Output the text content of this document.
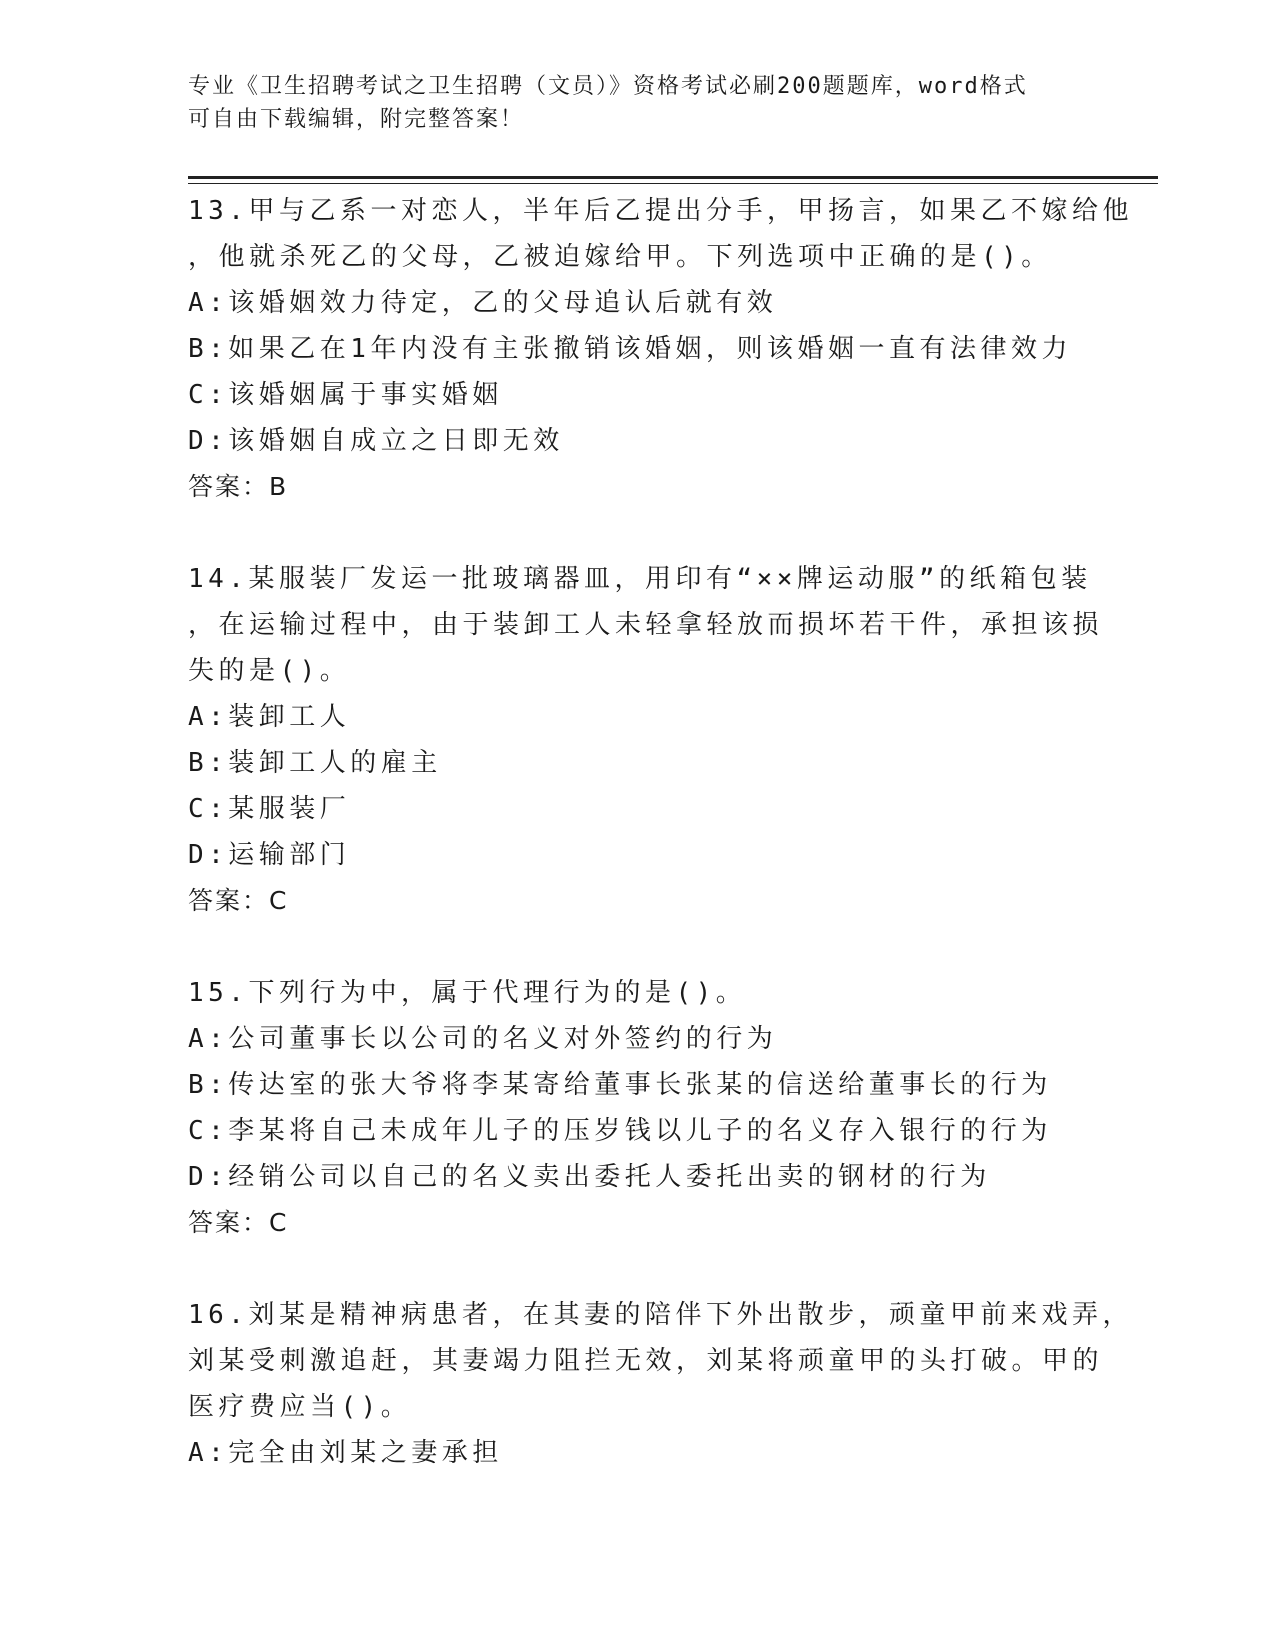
专业《卫生招聘考试之卫生招聘（文员）》资格考试必刷200题题库，word格式
可自由下载编辑，附完整答案！
13.甲与乙系一对恋人，半年后乙提出分手，甲扬言，如果乙不嫁给他
，他就杀死乙的父母，乙被迫嫁给甲。下列选项中正确的是()。
A:该婚姻效力待定，乙的父母追认后就有效
B:如果乙在1年内没有主张撤销该婚姻，则该婚姻一直有法律效力
C:该婚姻属于事实婚姻
D:该婚姻自成立之日即无效
答案：B
14.某服装厂发运一批玻璃器皿，用印有“××牌运动服”的纸箱包装
，在运输过程中，由于装卸工人未轻拿轻放而损坏若干件，承担该损
失的是()。
A:装卸工人
B:装卸工人的雇主
C:某服装厂
D:运输部门
答案：C
15.下列行为中，属于代理行为的是()。
A:公司董事长以公司的名义对外签约的行为
B:传达室的张大爷将李某寄给董事长张某的信送给董事长的行为
C:李某将自己未成年儿子的压岁钱以儿子的名义存入银行的行为
D:经销公司以自己的名义卖出委托人委托出卖的钢材的行为
答案：C
16.刘某是精神病患者，在其妻的陪伴下外出散步，顽童甲前来戏弄，
刘某受刺激追赶，其妻竭力阻拦无效，刘某将顽童甲的头打破。甲的
医疗费应当()。
A:完全由刘某之妻承担
